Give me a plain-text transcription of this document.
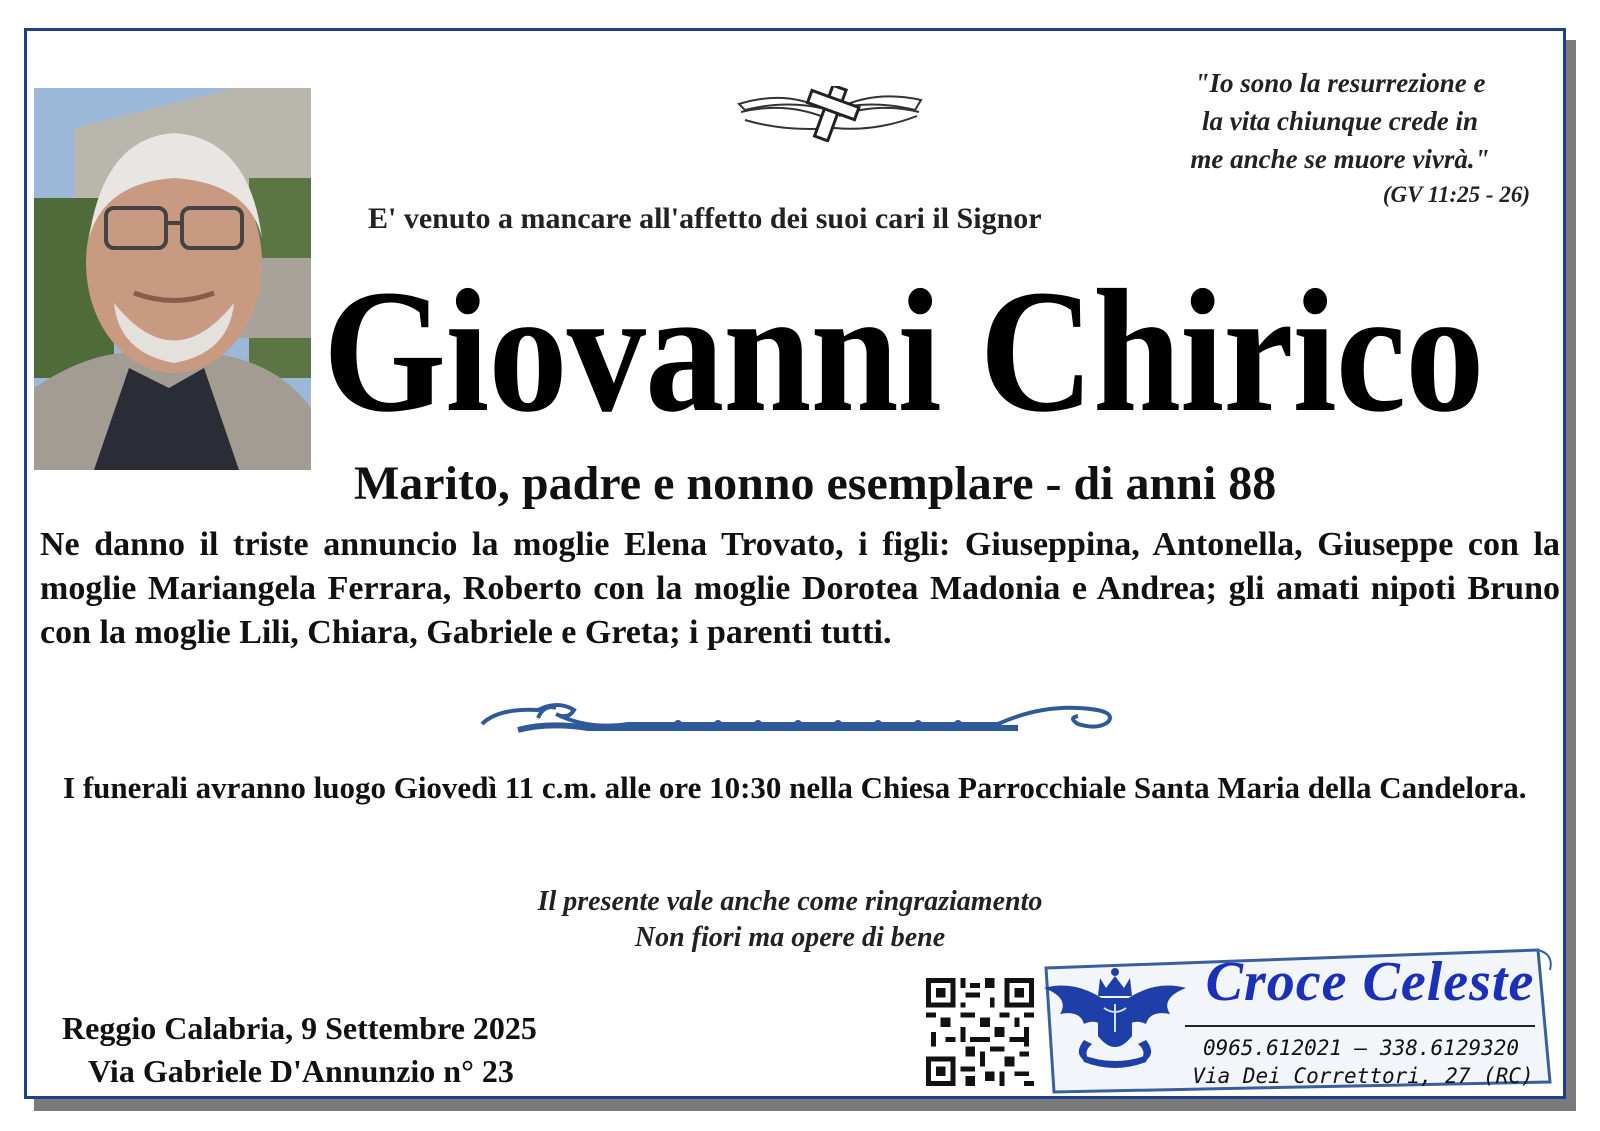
"Io sono la resurrezione e
la vita chiunque crede in
me anche se muore vivrà."
(GV 11:25 - 26)
E' venuto a mancare all'affetto dei suoi cari il Signor
Giovanni Chirico
Marito, padre e nonno esemplare - di anni 88
Ne danno il triste annuncio la moglie Elena Trovato, i figli: Giuseppina, Antonella, Giuseppe con la moglie Mariangela Ferrara, Roberto con la moglie Dorotea Madonia e Andrea; gli amati nipoti Bruno con la moglie Lili, Chiara, Gabriele e Greta; i parenti tutti.
I funerali avranno luogo Giovedì 11 c.m. alle ore 10:30 nella Chiesa Parrocchiale Santa Maria della Candelora.
Il presente vale anche come ringraziamento
Non fiori ma opere di bene
Reggio Calabria, 9 Settembre 2025
Via Gabriele D'Annunzio n° 23
Croce Celeste
0965.612021 – 338.6129320
Via Dei Correttori, 27 (RC)
